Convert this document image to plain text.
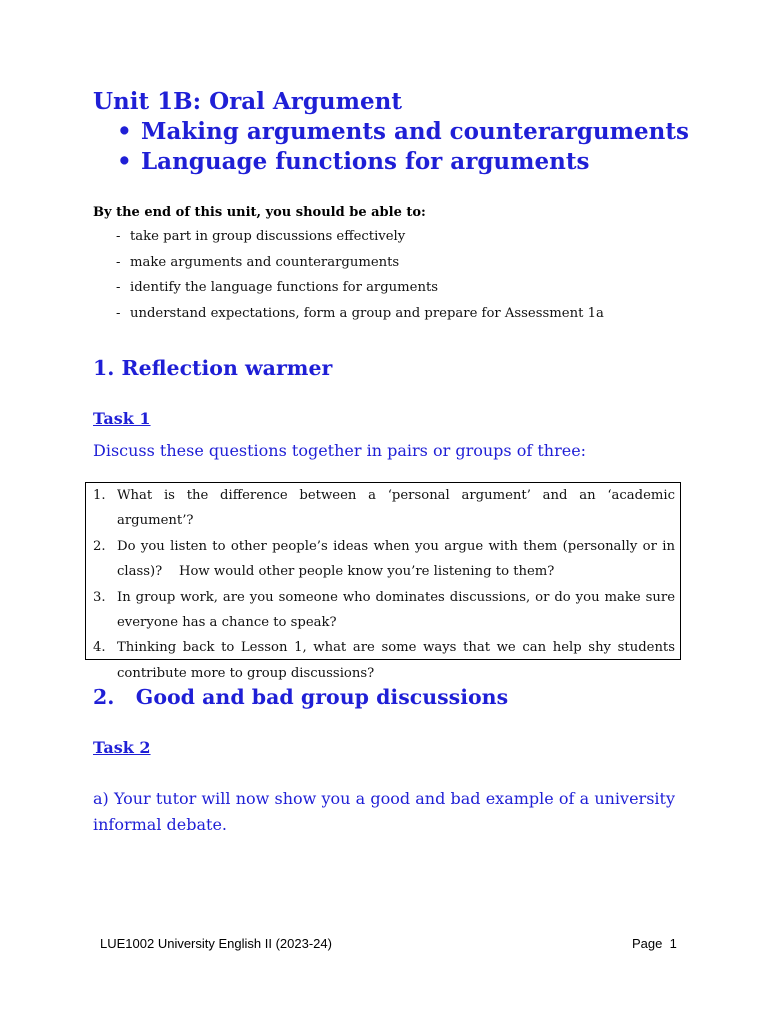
Unit 1B: Oral Argument
• Making arguments and counterarguments
• Language functions for arguments
By the end of this unit, you should be able to:
- take part in group discussions effectively
- make arguments and counterarguments
- identify the language functions for arguments
- understand expectations, form a group and prepare for Assessment 1a
1. Reflection warmer
Task 1

Discuss these questions together in pairs or groups of three:

1. What is the difference between a ‘personal argument’ and an ‘academic argument’?
2. Do you listen to other people’s ideas when you argue with them (personally or in class)?    How would other people know you’re listening to them?
3. In group work, are you someone who dominates discussions, or do you make sure everyone has a chance to speak?
4. Thinking back to Lesson 1, what are some ways that we can help shy students contribute more to group discussions?
2.   Good and bad group discussions
Task 2

a) Your tutor will now show you a good and bad example of a university informal debate.

LUE1002 University English II (2023-24)	Page 1
